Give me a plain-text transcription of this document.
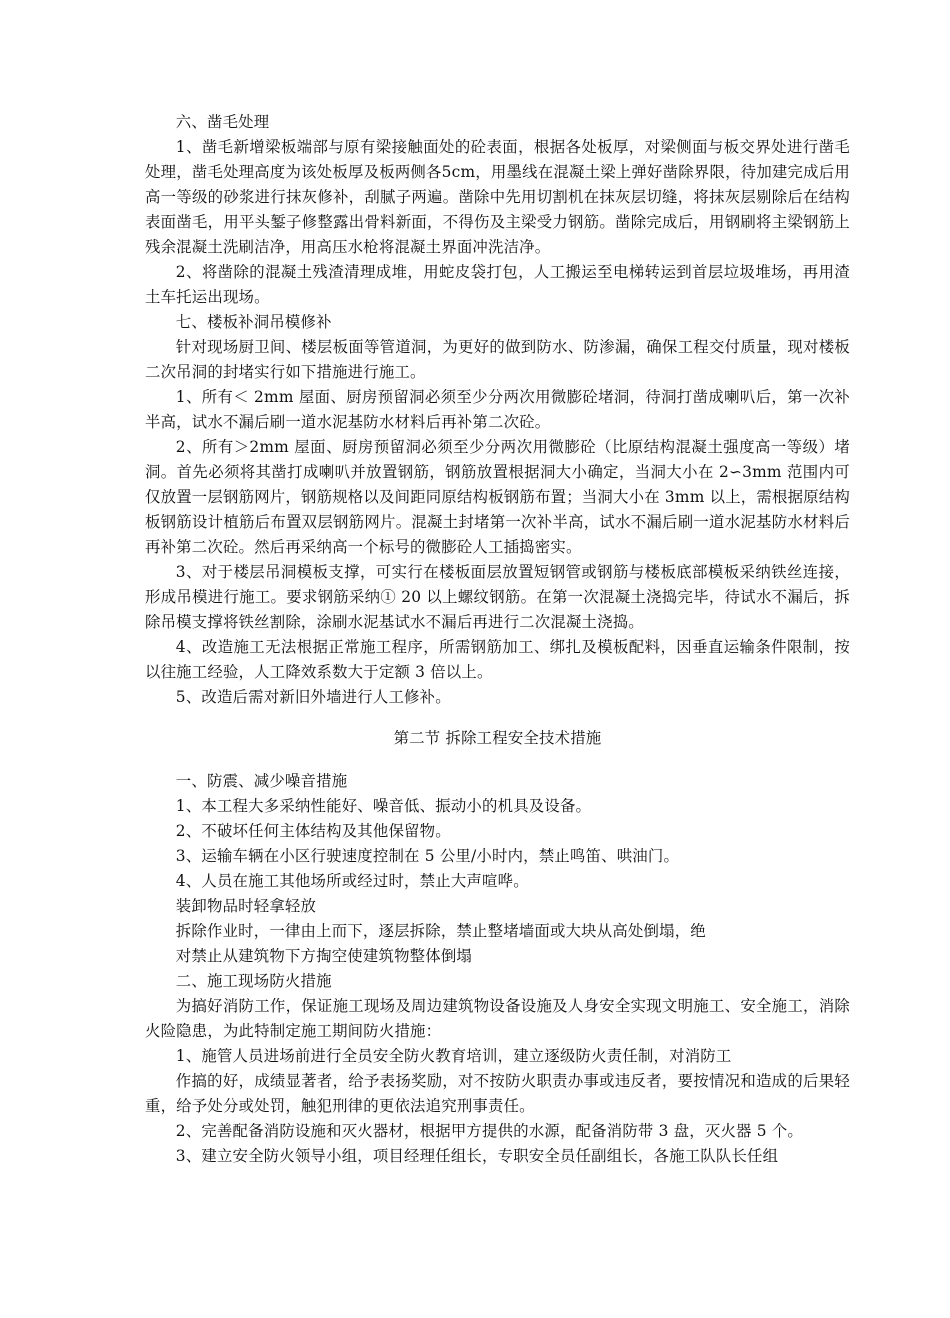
六、凿毛处理

1、凿毛新增梁板端部与原有梁接触面处的砼表面，根据各处板厚，对梁侧面与板交界处进行凿毛处理，凿毛处理高度为该处板厚及板两侧各5cm，用墨线在混凝土梁上弹好凿除界限，待加建完成后用高一等级的砂浆进行抹灰修补，刮腻子两遍。凿除中先用切割机在抹灰层切缝，将抹灰层剔除后在结构表面凿毛，用平头錾子修整露出骨料新面，不得伤及主梁受力钢筋。凿除完成后，用钢刷将主梁钢筋上残余混凝土洗刷洁净，用高压水枪将混凝土界面冲洗洁净。

2、将凿除的混凝土残渣清理成堆，用蛇皮袋打包，人工搬运至电梯转运到首层垃圾堆场，再用渣土车托运出现场。

七、楼板补洞吊模修补

针对现场厨卫间、楼层板面等管道洞，为更好的做到防水、防渗漏，确保工程交付质量，现对楼板二次吊洞的封堵实行如下措施进行施工。

1、所有＜ 2mm 屋面、厨房预留洞必须至少分两次用微膨砼堵洞，待洞打凿成喇叭后，第一次补半高，试水不漏后刷一道水泥基防水材料后再补第二次砼。

2、所有＞2mm 屋面、厨房预留洞必须至少分两次用微膨砼（比原结构混凝土强度高一等级）堵洞。首先必须将其凿打成喇叭并放置钢筋，钢筋放置根据洞大小确定，当洞大小在 2∽3mm 范围内可仅放置一层钢筋网片，钢筋规格以及间距同原结构板钢筋布置；当洞大小在 3mm 以上，需根据原结构板钢筋设计植筋后布置双层钢筋网片。混凝土封堵第一次补半高，试水不漏后刷一道水泥基防水材料后再补第二次砼。然后再采纳高一个标号的微膨砼人工插捣密实。

3、对于楼层吊洞模板支撑，可实行在楼板面层放置短钢管或钢筋与楼板底部模板采纳铁丝连接，形成吊模进行施工。要求钢筋采纳① 20 以上螺纹钢筋。在第一次混凝土浇捣完毕，待试水不漏后，拆除吊模支撑将铁丝割除，涂刷水泥基试水不漏后再进行二次混凝土浇捣。

4、改造施工无法根据正常施工程序，所需钢筋加工、绑扎及模板配料，因垂直运输条件限制，按以往施工经验，人工降效系数大于定额 3 倍以上。

5、改造后需对新旧外墙进行人工修补。

第二节 拆除工程安全技术措施

一、防震、减少噪音措施

1、本工程大多采纳性能好、噪音低、振动小的机具及设备。

2、不破坏任何主体结构及其他保留物。

3、运输车辆在小区行驶速度控制在 5 公里/小时内，禁止鸣笛、哄油门。

4、人员在施工其他场所或经过时，禁止大声喧哗。

装卸物品时轻拿轻放

拆除作业时，一律由上而下，逐层拆除，禁止整堵墙面或大块从高处倒塌，绝

对禁止从建筑物下方掏空使建筑物整体倒塌

二、施工现场防火措施

为搞好消防工作，保证施工现场及周边建筑物设备设施及人身安全实现文明施工、安全施工，消除火险隐患，为此特制定施工期间防火措施：

1、施管人员进场前进行全员安全防火教育培训，建立逐级防火责任制，对消防工

作搞的好，成绩显著者，给予表扬奖励，对不按防火职责办事或违反者，要按情况和造成的后果轻重，给予处分或处罚，触犯刑律的更依法追究刑事责任。

2、完善配备消防设施和灭火器材，根据甲方提供的水源，配备消防带 3 盘，灭火器 5 个。

3、建立安全防火领导小组，项目经理任组长，专职安全员任副组长，各施工队队长任组
